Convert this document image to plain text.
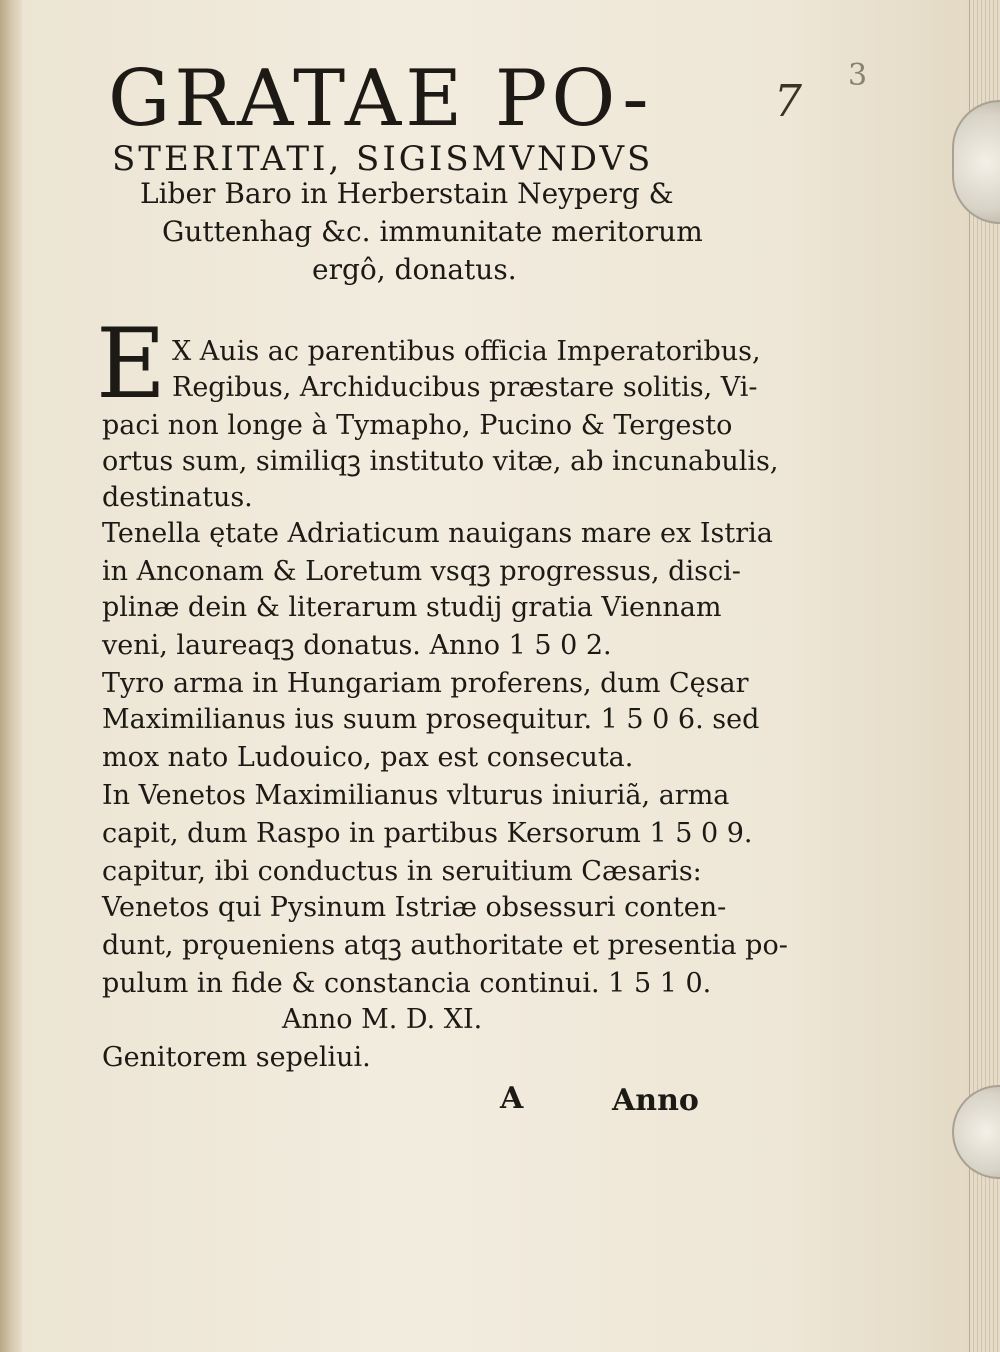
7
3
GRATAE PO-
STERITATI, SIGISMVNDVS
Liber Baro in Herberstain Neyperg &
Guttenhag &c. immunitate meritorum
ergô, donatus.
E X Auis ac parentibus officia Imperatoribus,
Regibus, Archiducibus præstare solitis, Vi-
paci non longe à Tymapho, Pucino & Tergesto
ortus sum, similiqꝫ instituto vitæ, ab incunabulis,
destinatus.
Tenella ętate Adriaticum nauigans mare ex Istria
in Anconam & Loretum vsqꝫ progressus, disci-
plinæ dein & literarum studij gratia Viennam
veni, laureaqꝫ donatus. Anno 1 5 0 2.
Tyro arma in Hungariam proferens, dum Cęsar
Maximilianus ius suum prosequitur. 1 5 0 6. sed
mox nato Ludouico, pax est consecuta.
In Venetos Maximilianus vlturus iniuriã, arma
capit, dum Raspo in partibus Kersorum 1 5 0 9.
capitur, ibi conductus in seruitium Cæsaris:
Venetos qui Pysinum Istriæ obsessuri conten-
dunt, prǫueniens atqꝫ authoritate et presentia po-
pulum in fide & constancia continui. 1 5 1 0.
Anno M. D. XI.
Genitorem sepeliui.
A	Anno
